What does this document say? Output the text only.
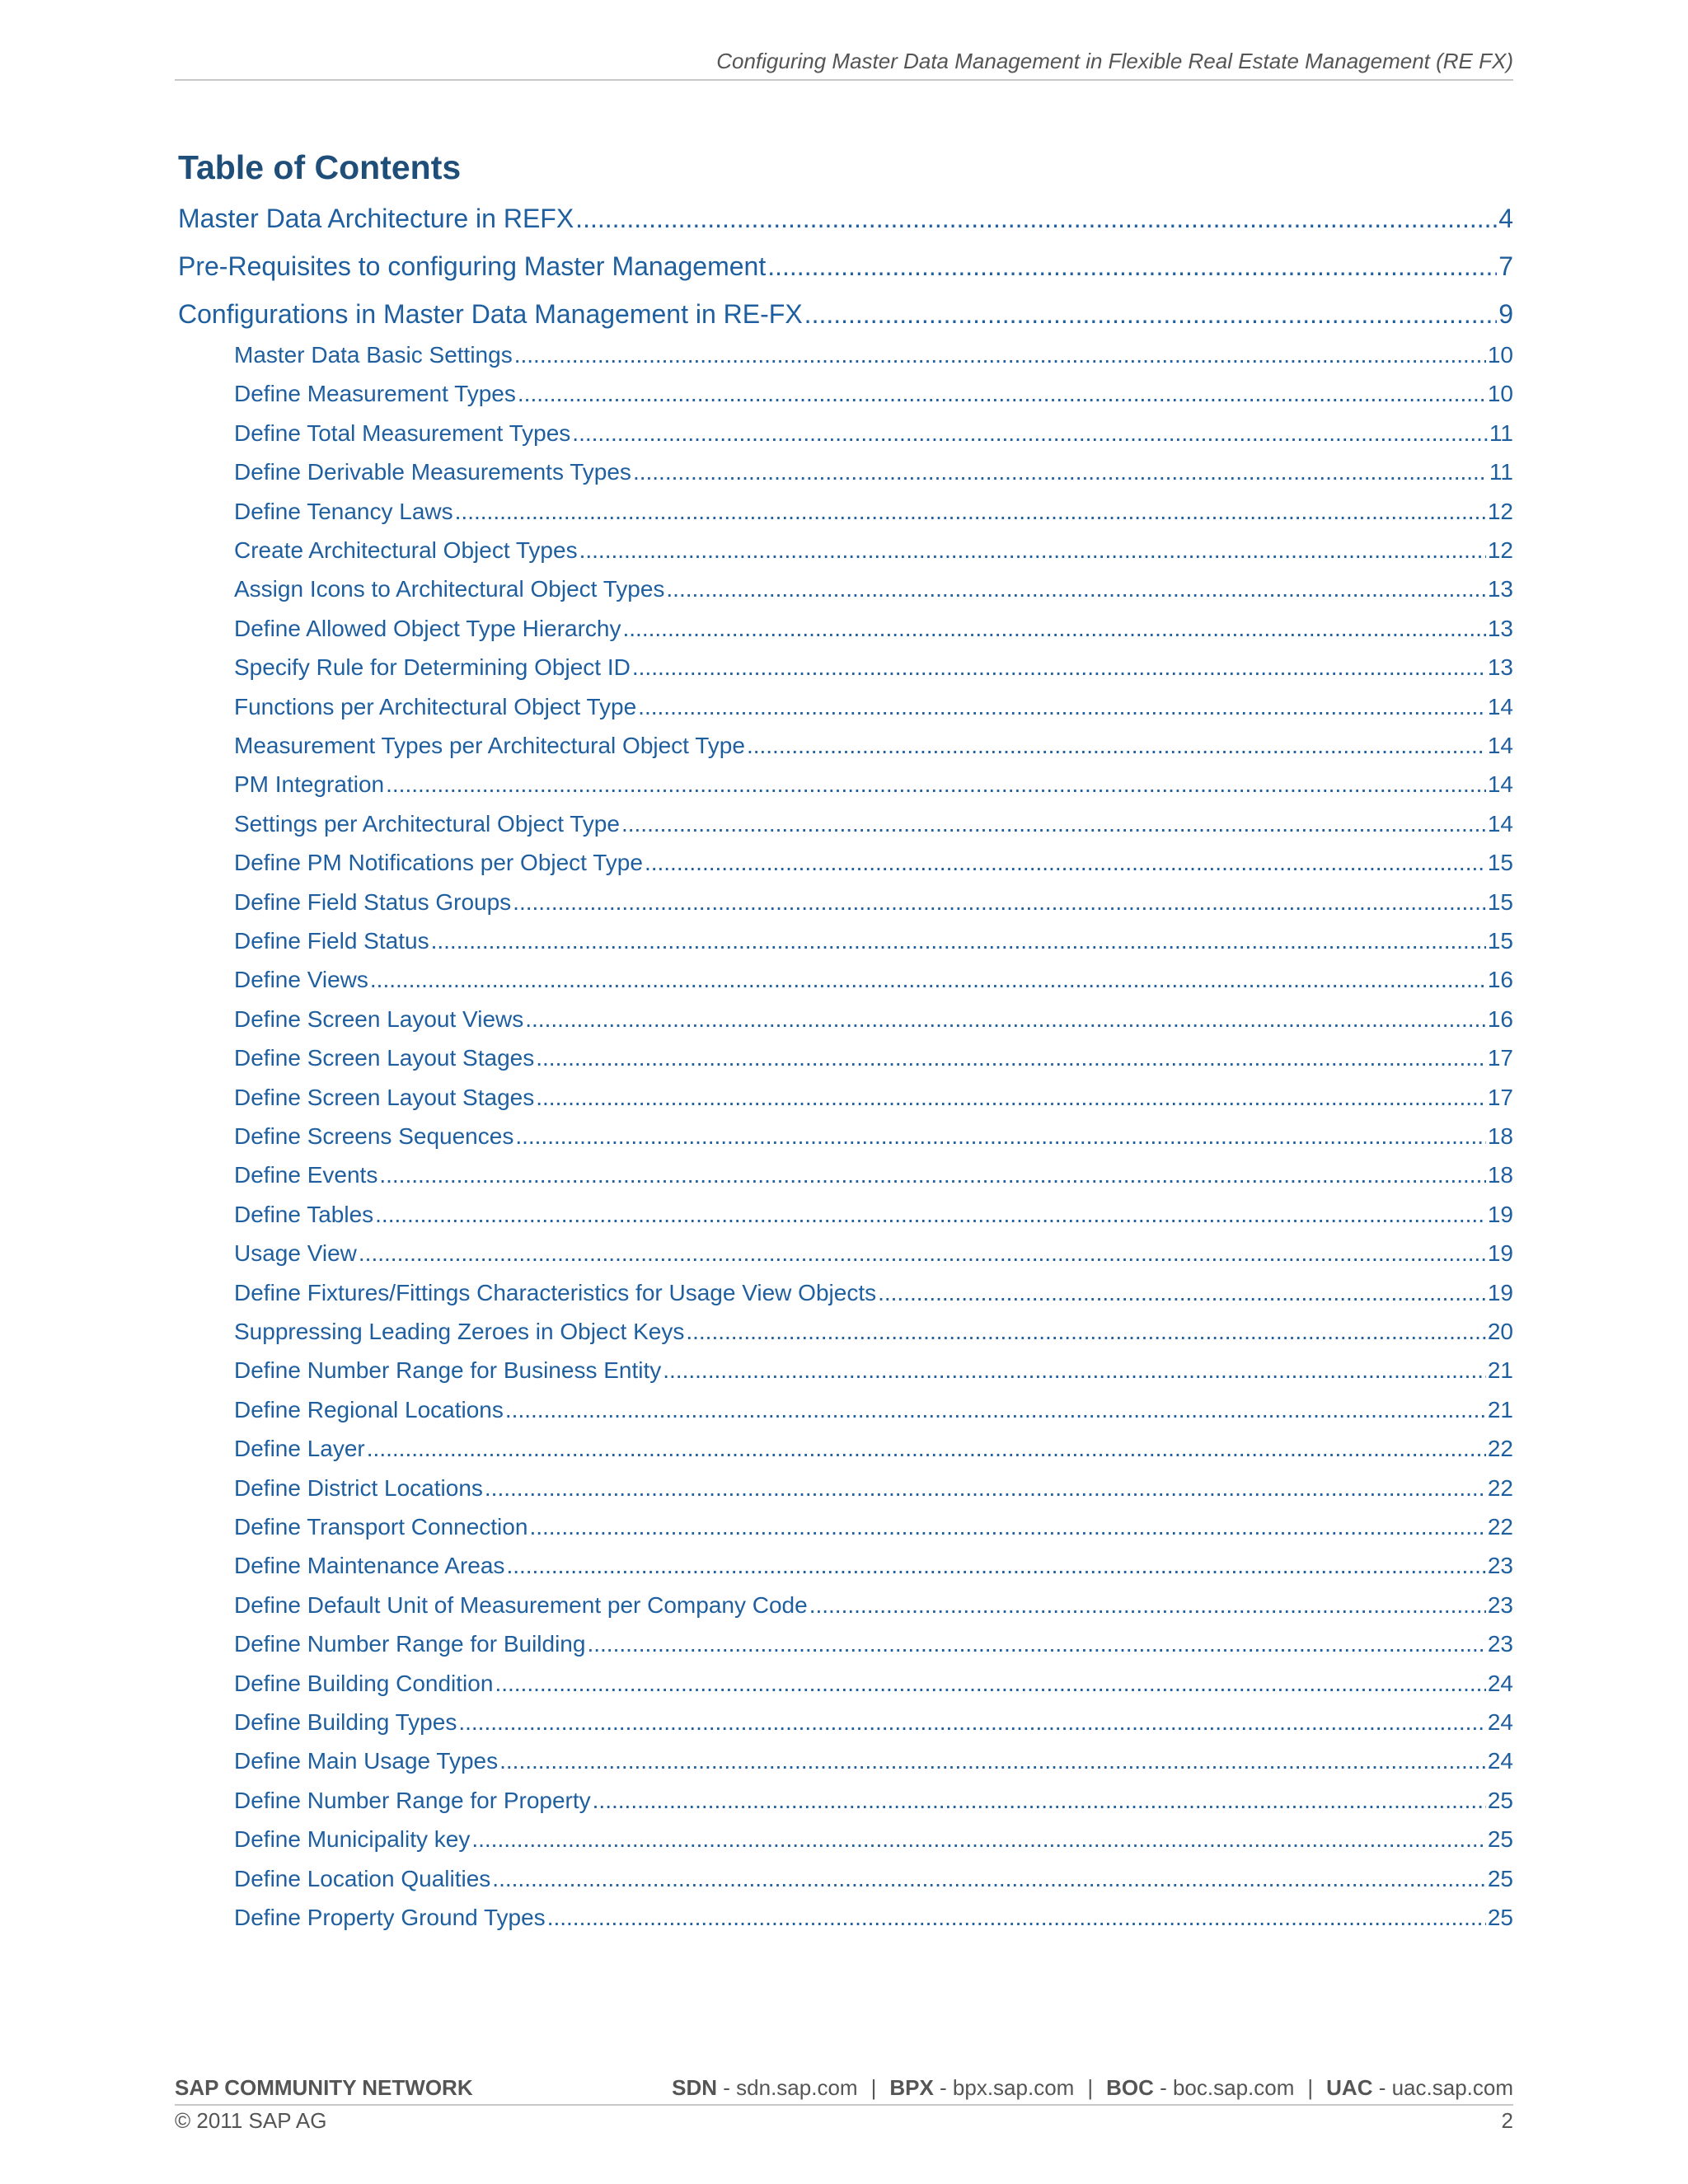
Configuring Master Data Management in Flexible Real Estate Management (RE FX)
Table of Contents
Master Data Architecture in REFX .....	4
Pre-Requisites to configuring Master Management .....	7
Configurations in Master Data Management in RE-FX .....	9
Master Data Basic Settings .....	10
Define Measurement Types .....	10
Define Total Measurement Types .....	11
Define Derivable Measurements Types .....	11
Define Tenancy Laws .....	12
Create Architectural Object Types .....	12
Assign Icons to Architectural Object Types .....	13
Define Allowed Object Type Hierarchy .....	13
Specify Rule for Determining Object ID .....	13
Functions per Architectural Object Type .....	14
Measurement Types per Architectural Object Type .....	14
PM Integration .....	14
Settings per Architectural Object Type .....	14
Define PM Notifications per Object Type .....	15
Define Field Status Groups .....	15
Define Field Status .....	15
Define Views .....	16
Define Screen Layout Views .....	16
Define Screen Layout Stages .....	17
Define Screen Layout Stages .....	17
Define Screens Sequences .....	18
Define Events .....	18
Define Tables .....	19
Usage View .....	19
Define Fixtures/Fittings Characteristics for Usage View Objects .....	19
Suppressing Leading Zeroes in Object Keys .....	20
Define Number Range for Business Entity .....	21
Define Regional Locations .....	21
Define Layer .....	22
Define District Locations .....	22
Define Transport Connection .....	22
Define Maintenance Areas .....	23
Define Default Unit of Measurement per Company Code .....	23
Define Number Range for Building .....	23
Define Building Condition .....	24
Define Building Types .....	24
Define Main Usage Types .....	24
Define Number Range for Property .....	25
Define Municipality key .....	25
Define Location Qualities .....	25
Define Property Ground Types .....	25
SAP COMMUNITY NETWORK	SDN - sdn.sap.com | BPX - bpx.sap.com | BOC - boc.sap.com | UAC - uac.sap.com
© 2011 SAP AG	2
